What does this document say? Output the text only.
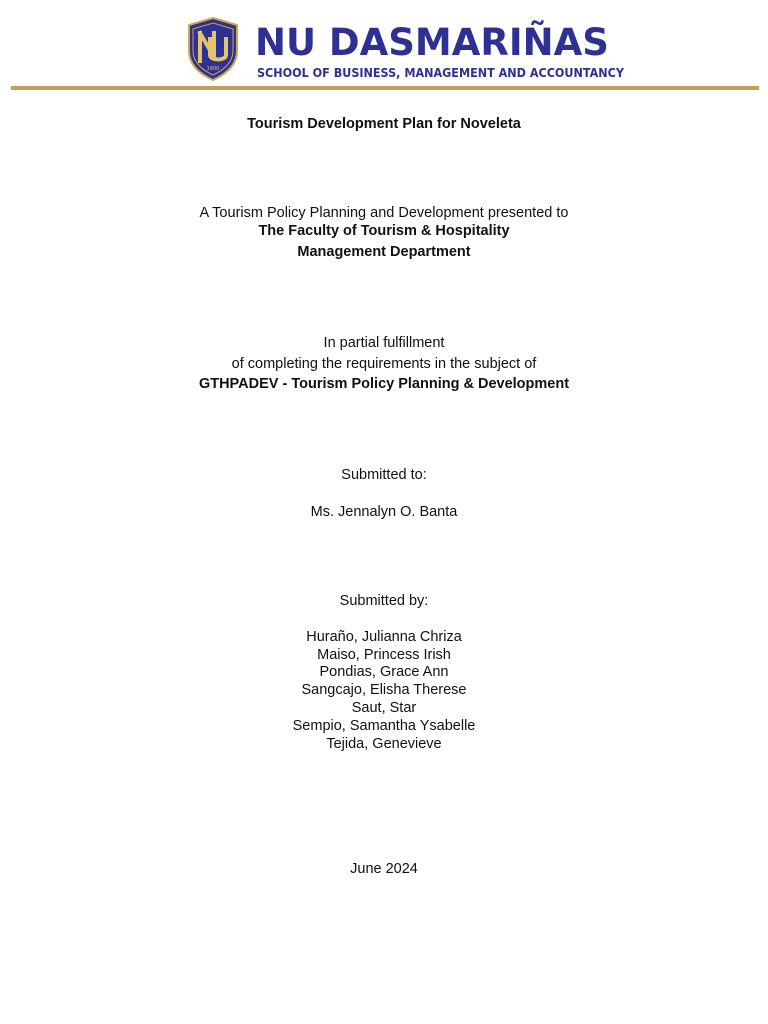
1900
NU DASMARIÑAS
SCHOOL OF BUSINESS, MANAGEMENT AND ACCOUNTANCY
Tourism Development Plan for Noveleta
A Tourism Policy Planning and Development presented to
The Faculty of Tourism & Hospitality
Management Department
In partial fulfillment
of completing the requirements in the subject of
GTHPADEV - Tourism Policy Planning & Development
Submitted to:
Ms. Jennalyn O. Banta
Submitted by:
Huraño, Julianna Chriza
Maiso, Princess Irish
Pondias, Grace Ann
Sangcajo, Elisha Therese
Saut, Star
Sempio, Samantha Ysabelle
Tejida, Genevieve
June 2024
